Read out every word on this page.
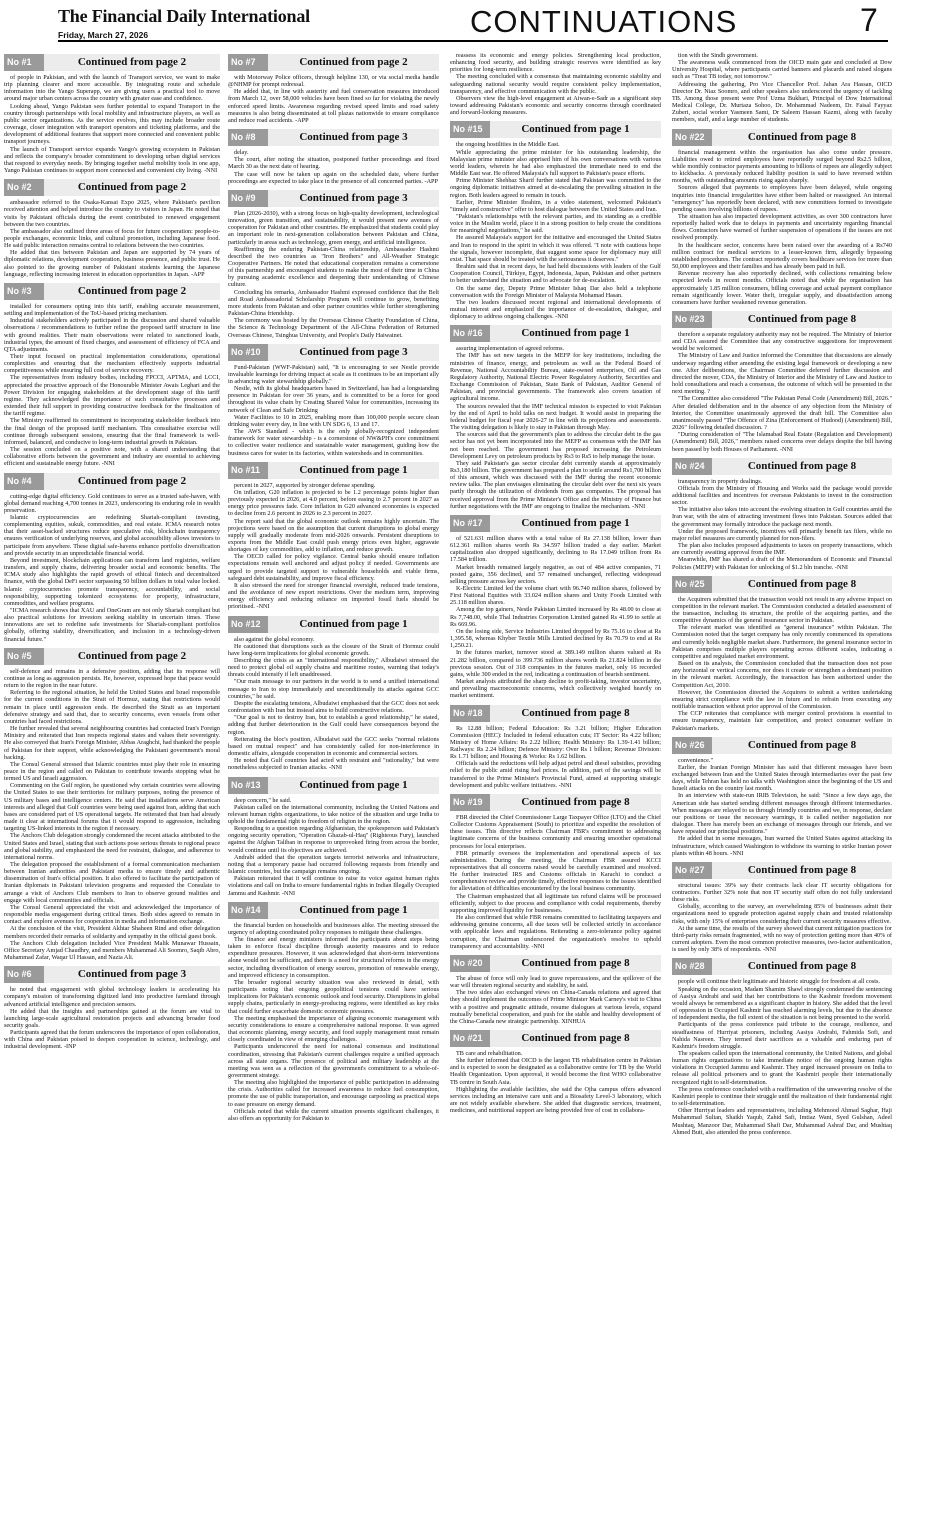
The Financial Daily International
Friday, March 27, 2026	CONTINUATIONS	7
No #1	Continued from page 2

of people in Pakistan, and with the launch of Transport service, we want to make trip planning clearer and more accessible. By integrating route and schedule information into the Yango Superapp, we are giving users a practical tool to move around major urban centers across the country with greater ease and confidence.

Looking ahead, Yango Pakistan sees further potential to expand Transport in the country through partnerships with local mobility and infrastructure players, as well as public sector organizations. As the service evolves, this may include broader route coverage, closer integration with transport operators and ticketing platforms, and the development of additional features that support more connected and convenient public transport journeys.

The launch of Transport service expands Yango's growing ecosystem in Pakistan and reflects the company's broader commitment to developing urban digital services that respond to everyday needs. By bringing together useful mobility tools in one app, Yango Pakistan continues to support more connected and convenient city living. -NNI

No #2	Continued from page 2

ambassador referred to the Osaka-Kansai Expo 2025, where Pakistan's pavilion received attention and helped introduce the country to visitors in Japan. He noted that visits by Pakistani officials during the event contributed to renewed engagement between the two countries.

The ambassador also outlined three areas of focus for future cooperation: people-to-people exchanges, economic links, and cultural promotion, including Japanese food. He said public interaction remains central to relations between the two countries.

He added that ties between Pakistan and Japan are supported by 74 years of diplomatic relations, development cooperation, business presence, and public trust. He also pointed to the growing number of Pakistani students learning the Japanese language, reflecting increasing interest in education opportunities in Japan. -APP

No #3	Continued from page 2

installed for consumers opting into this tariff, enabling accurate measurement, settling and implementation of the ToU-based pricing mechanism.

Industrial stakeholders actively participated in the discussion and shared valuable observations / recommendations to further refine the proposed tariff structure in line with ground realities. Their main observations were related to sanctioned loads, industrial types, the amount of fixed charges, and assessment of efficiency of FCA and QTA adjustments.

Their input focused on practical implementation considerations, operational complexities and ensuring that the mechanism effectively supports industrial competitiveness while ensuring full cost of service recovery.

The representatives from industry bodies, including FPCCI, APTMA, and LCCI, appreciated the proactive approach of the Honourable Minister Awais Leghari and the Power Division for engaging stakeholders at the development stage of this tariff regime. They acknowledged the importance of such consultative processes and extended their full support in providing constructive feedback for the finalization of the tariff regime.

The Ministry reaffirmed its commitment to incorporating stakeholder feedback into the final design of the proposed tariff mechanism. This consultative exercise will continue through subsequent sessions, ensuring that the final framework is well-informed, balanced, and conducive to long-term industrial growth in Pakistan.

The session concluded on a positive note, with a shared understanding that collaborative efforts between the government and industry are essential to achieving efficient and sustainable energy future. -NNI

No #4	Continued from page 2

cutting-edge digital efficiency. Gold continues to serve as a trusted safe-haven, with global demand reaching 4,700 tonnes in 2023, underscoring its enduring role in wealth preservation.

Islamic cryptocurrencies are redefining Shariah-compliant investing, complementing equities, sukuk, commodities, and real estate. ICMA research notes that their asset-backed structures reduce speculative risk, blockchain transparency ensures verification of underlying reserves, and global accessibility allows investors to participate from anywhere. These digital safe-havens enhance portfolio diversification and provide security in an unpredictable financial world.

Beyond investment, blockchain applications can transform land registries, welfare transfers, and supply chains, delivering broader social and economic benefits. The ICMA study also highlights the rapid growth of ethical fintech and decentralized finance, with the global DeFi sector surpassing 50 billion dollars in total value locked. Islamic cryptocurrencies promote transparency, accountability, and social responsibility, supporting tokenized ecosystems for property, infrastructure, commodities, and welfare programs.

"ICMA research shows that XAU and OneGram are not only Shariah compliant but also practical solutions for investors seeking stability in uncertain times. These innovations are set to redefine safe investments for Shariah-compliant portfolios globally, offering stability, diversification, and inclusion in a technology-driven financial future."

No #5	Continued from page 2

self-defence and remains in a defensive position, adding that its response will continue as long as aggression persists. He, however, expressed hope that peace would return to the region in the near future.

Referring to the regional situation, he held the United States and Israel responsible for the current conditions in the Strait of Hormuz, stating that restrictions would remain in place until aggression ends. He described the Strait as an important defensive strategy and said that, due to security concerns, even vessels from other countries had faced restrictions.

He further revealed that several neighbouring countries had contacted Iran's Foreign Ministry and reiterated that Iran respects regional states and values their sovereignty. He also conveyed that Iran's Foreign Minister, Abbas Araghchi, had thanked the people of Pakistan for their support, while acknowledging the Pakistani government's moral backing.

The Consul General stressed that Islamic countries must play their role in ensuring peace in the region and called on Pakistan to contribute towards stopping what he termed US and Israeli aggression.

Commenting on the Gulf region, he questioned why certain countries were allowing the United States to use their territories for military purposes, noting the presence of US military bases and intelligence centers. He said that installations serve American interests and alleged that Gulf countries were being used against Iran, adding that such bases are considered part of US operational targets. He reiterated that Iran had already made it clear at international forums that it would respond to aggression, including targeting US-linked interests in the region if necessary.

The Anchors Club delegation strongly condemned the recent attacks attributed to the United States and Israel, stating that such actions pose serious threats to regional peace and global stability, and emphasized the need for restraint, dialogue, and adherence to international norms.

The delegation proposed the establishment of a formal communication mechanism between Iranian authorities and Pakistani media to ensure timely and authentic dissemination of Iran's official position. It also offered to facilitate the participation of Iranian diplomats in Pakistani television programs and requested the Consulate to arrange a visit of Anchors Club members to Iran to observe ground realities and engage with local communities and officials.

The Consul General appreciated the visit and acknowledged the importance of responsible media engagement during critical times. Both sides agreed to remain in contact and explore avenues for cooperation in media and information exchange.

At the conclusion of the visit, President Akhtar Shaheen Rind and other delegation members recorded their remarks of solidarity and sympathy in the official guest book.

The Anchors Club delegation included Vice President Malik Munawar Hussain, Office Secretary Amjad Chaudhry, and members Muhammad Ali Soomro, Saqib Abro, Muhammad Zafar, Waqar Ul Hassan, and Nazia Ali.

No #6	Continued from page 3

he noted that engagement with global technology leaders is accelerating his company's mission of transforming digitized land into productive farmland through advanced artificial intelligence and precision sensors.

He added that the insights and partnerships gained at the forum are vital to launching large-scale agricultural restoration projects and advancing broader food security goals.

Participants agreed that the forum underscores the importance of open collaboration, with China and Pakistan poised to deepen cooperation in science, technology, and industrial development. -INP

No #7	Continued from page 2

with Motorway Police officers, through helpline 130, or via social media handle @NHMP for prompt redressal.

He added that, in line with austerity and fuel conservation measures introduced from March 12, over 58,000 vehicles have been fined so far for violating the newly enforced speed limits. Awareness regarding revised speed limits and road safety measures is also being disseminated at toll plazas nationwide to ensure compliance and reduce road accidents. -APP

No #8	Continued from page 3

delay.

The court, after noting the situation, postponed further proceedings and fixed March 30 as the next date of hearing.

The case will now be taken up again on the scheduled date, where further proceedings are expected to take place in the presence of all concerned parties. -APP

No #9	Continued from page 3

Plan (2026-2030), with a strong focus on high-quality development, technological innovation, green transition, and sustainability, it would present new avenues of cooperation for Pakistan and other countries. He emphasized that students could play an important role in next-generation collaboration between Pakistan and China, particularly in areas such as technology, green energy, and artificial intelligence.

Reaffirming the enduring Pakistan-China relationship, Ambassador Hashmi described the two countries as "Iron Brothers" and All-Weather Strategic Cooperative Partners. He noted that educational cooperation remains a cornerstone of this partnership and encouraged students to make the most of their time in China by pursuing academic excellence and deepening their understanding of Chinese culture.

Concluding his remarks, Ambassador Hashmi expressed confidence that the Belt and Road Ambassadorial Scholarship Program will continue to grow, benefiting more students from Pakistan and other partner countries while further strengthening Pakistan-China friendship.

The ceremony was hosted by the Overseas Chinese Charity Foundation of China, the Science & Technology Department of the All-China Federation of Returned Overseas Chinese, Tsinghua University, and People's Daily Haiwainet.

No #10	Continued from page 3

Fund-Pakistan (WWF-Pakistan) said, "It is encouraging to see Nestle provide invaluable learnings for driving impact at scale as it continues to be an important ally in advancing water stewardship globally."

Nestle, with its global headquarters based in Switzerland, has had a longstanding presence in Pakistan for over 36 years, and is committed to be a force for good throughout its value chain by Creating Shared Value for communities, increasing its network of Clean and Safe Drinking

Water Facilities to 10 in 2025, enabling more than 100,000 people secure clean drinking water every day, in line with UN SDG 6, 13 and 17.

The AWS Standard - which is the only globally-recognized independent framework for water stewardship - is a cornerstone of NW&PH's core commitment to collective water resilience and sustainable water management, guiding how the business cares for water in its factories, within watersheds and in communities.

No #11	Continued from page 1

percent in 2027, supported by stronger defense spending.

On inflation, G20 inflation is projected to be 1.2 percentage points higher than previously expected in 2026, at 4.0 percent, before easing to 2.7 percent in 2027 as energy price pressures fade. Core inflation in G20 advanced economies is expected to decline from 2.6 percent in 2026 to 2.3 percent in 2027.

The report said that the global economic outlook remains highly uncertain. The projections were based on the assumption that current disruptions to global energy supply will gradually moderate from mid-2026 onwards. Persistent disruptions to exports from the Middle East could push energy prices even higher, aggravate shortages of key commodities, add to inflation, and reduce growth.

The OECD called for policy vigilance. Central banks should ensure inflation expectations remain well anchored and adjust policy if needed. Governments are urged to provide targeted support to vulnerable households and viable firms, safeguard debt sustainability, and improve fiscal efficiency.

It also stressed the need for stronger financial oversight, reduced trade tensions, and the avoidance of new export restrictions. Over the medium term, improving energy efficiency and reducing reliance on imported fossil fuels should be prioritised. -NNI

No #12	Continued from page 1

also against the global economy.

He cautioned that disruptions such as the closure of the Strait of Hormuz could have long-term implications for global economic growth.

Describing the crisis as an "international responsibility," Albudaiwi stressed the need to protect global oil supply chains and maritime routes, warning that today's threats could intensify if left unaddressed.

"Our main message to our partners in the world is to send a unified international message to Iran to stop immediately and unconditionally its attacks against GCC countries," he said.

Despite the escalating tensions, Albudaiwi emphasised that the GCC does not seek confrontation with Iran but instead aims to build constructive relations.

"Our goal is not to destroy Iran, but to establish a good relationship," he stated, adding that further deterioration in the Gulf could have consequences beyond the region.

Reiterating the bloc's position, Albudaiwi said the GCC seeks "normal relations based on mutual respect" and has consistently called for non-interference in domestic affairs, alongside cooperation in economic and commercial sectors.

He noted that Gulf countries had acted with restraint and "rationality," but were nonetheless subjected to Iranian attacks. -NNI

No #13	Continued from page 1

deep concern," he said.

Pakistan called on the international community, including the United Nations and relevant human rights organizations, to take notice of the situation and urge India to uphold the fundamental right to freedom of religion in the region.

Responding to a question regarding Afghanistan, the spokesperson said Pakistan's ongoing security operation, "Operation Ghazab-ul-Haq" (Righteous Fury), launched against the Afghan Taliban in response to unprovoked firing from across the border, would continue until its objectives are achieved.

Andrabi added that the operation targets terrorist networks and infrastructure, noting that a temporary pause had occurred following requests from friendly and Islamic countries, but the campaign remains ongoing.

Pakistan reiterated that it will continue to raise its voice against human rights violations and call on India to ensure fundamental rights in Indian Illegally Occupied Jammu and Kashmir. -NNI

No #14	Continued from page 1

the financial burden on households and businesses alike. The meeting stressed the urgency of adopting coordinated policy responses to mitigate these challenges.

The finance and energy ministers informed the participants about steps being taken to enforce fiscal discipline through austerity measures and to reduce expenditure pressures. However, it was acknowledged that short-term interventions alone would not be sufficient, and there is a need for structural reforms in the energy sector, including diversification of energy sources, promotion of renewable energy, and improved efficiency in consumption.

The broader regional security situation was also reviewed in detail, with participants noting that ongoing geopolitical tensions could have serious implications for Pakistan's economic outlook and food security. Disruptions in global supply chains, particularly in energy-producing regions, were identified as key risks that could further exacerbate domestic economic pressures.

The meeting emphasised the importance of aligning economic management with security considerations to ensure a comprehensive national response. It was agreed that economic planning, energy security, and food supply management must remain closely coordinated in view of emerging challenges.

Participants underscored the need for national consensus and institutional coordination, stressing that Pakistan's current challenges require a unified approach across all state organs. The presence of political and military leadership at the meeting was seen as a reflection of the government's commitment to a whole-of-government strategy.

The meeting also highlighted the importance of public participation in addressing the crisis. Authorities called for increased awareness to reduce fuel consumption, promote the use of public transportation, and encourage carpooling as practical steps to ease pressure on energy demand.

Officials noted that while the current situation presents significant challenges, it also offers an opportunity for Pakistan to

reassess its economic and energy policies. Strengthening local production, enhancing food security, and building strategic reserves were identified as key priorities for long-term resilience.

The meeting concluded with a consensus that maintaining economic stability and safeguarding national security would require consistent policy implementation, transparency, and effective communication with the public.

Observers view the high-level engagement at Aiwan-e-Sadr as a significant step toward addressing Pakistan's economic and security concerns through coordinated and forward-looking measures.

No #15	Continued from page 1

the ongoing hostilities in the Middle East.

While appreciating the prime minister for his outstanding leadership, the Malaysian prime minister also apprised him of his own conversations with various world leaders, wherein he had also emphasized the immediate need to end the Middle East war. He offered Malaysia's full support to Pakistan's peace efforts.

Prime Minister Shehbaz Sharif further stated that Pakistan was committed to the ongoing diplomatic initiatives aimed at de-escalating the prevailing situation in the region. Both leaders agreed to remain in touch.

Earlier, Prime Minister Ibrahim, in a video statement, welcomed Pakistan's "timely and constructive" offer to host dialogue between the United States and Iran.

"Pakistan's relationships with the relevant parties, and its standing as a credible voice in the Muslim world, place it in a strong position to help create the conditions for meaningful negotiations," he said.

He assured Malaysia's support for the initiative and encouraged the United States and Iran to respond in the spirit in which it was offered. "I note with cautious hope the signals, however incomplete, that suggest some space for diplomacy may still exist. That space should be treated with the seriousness it deserves."

Ibrahim said that in recent days, he had held discussions with leaders of the Gulf Cooperation Council, Türkiye, Egypt, Indonesia, Japan, Pakistan and other partners to better understand the situation and to advocate for de-escalation.

On the same day, Deputy Prime Minister Ishaq Dar also held a telephone conversation with the Foreign Minister of Malaysia Mohamad Hasan.

The two leaders discussed recent regional and international developments of mutual interest and emphasized the importance of de-escalation, dialogue, and diplomacy to address ongoing challenges. -NNI

No #16	Continued from page 1

assuring implementation of agreed reforms.

The IMF has set new targets in the MEFP for key institutions, including the ministries of finance, energy, and petroleum as well as the Federal Board of Revenue, National Accountability Bureau, state-owned enterprises, Oil and Gas Regulatory Authority, National Electric Power Regulatory Authority, Securities and Exchange Commission of Pakistan, State Bank of Pakistan, Auditor General of Pakistan, and provincial governments. The framework also covers taxation of agricultural income.

The sources revealed that the IMF technical mission is expected to visit Pakistan by the end of April to hold talks on next budget. It would assist in preparing the federal budget for fiscal year 2026-27 in line with its projections and assessments. The visiting delegation is likely to stay in Pakistan through May.

The sources said that the government's plan to address the circular debt in the gas sector has not yet been incorporated into the MEFP as consensus with the IMF has not been reached. The government has proposed increasing the Petroleum Development Levy on petroleum products by Rs3 to Rs5 to help manage the issue.

They said Pakistan's gas sector circular debt currently stands at approximately Rs3,180 billion. The government has prepared a plan to settle around Rs1,700 billion of this amount, which was discussed with the IMF during the recent economic review talks. The plan envisages eliminating the circular debt over the next six years partly through the utilization of dividends from gas companies. The proposal has received approval from the Prime Minister's Office and the Ministry of Finance but further negotiations with the IMF are ongoing to finalize the mechanism. -NNI

No #17	Continued from page 1

of 521.631 million shares with a total value of Rs 27.138 billion, lower than 612.361 million shares worth Rs 34.597 billion traded a day earlier. Market capitalization also dropped significantly, declining to Rs 17.049 trillion from Rs 17.584 trillion.

Market breadth remained largely negative, as out of 484 active companies, 71 posted gains, 356 declined, and 57 remained unchanged, reflecting widespread selling pressure across key sectors.

K-Electric Limited led the volume chart with 96.740 million shares, followed by First National Equities with 33.024 million shares and Unity Foods Limited with 25.118 million shares.

Among the top gainers, Nestle Pakistan Limited increased by Rs 48.00 to close at Rs 7,748.00, while Thal Industries Corporation Limited gained Rs 41.99 to settle at Rs 669.96.

On the losing side, Service Industries Limited dropped by Rs 75.16 to close at Rs 1,395.58, whereas Khyber Textile Mills Limited declined by Rs 70.79 to end at Rs 1,250.21.

In the futures market, turnover stood at 389.149 million shares valued at Rs 21.282 billion, compared to 399.736 million shares worth Rs 21.824 billion in the previous session. Out of 318 companies in the futures market, only 16 recorded gains, while 300 ended in the red, indicating a continuation of bearish sentiment.

Market analysts attributed the sharp decline to profit-taking, investor uncertainty, and prevailing macroeconomic concerns, which collectively weighed heavily on market sentiment.

No #18	Continued from page 8

Rs 12.88 billion; Federal Education: Rs 3.21 billion; Higher Education Commission (HEC): Included in federal education cuts; IT Sector: Rs 4.22 billion; Ministry of Home Affairs: Rs 2.22 billion; Health Ministry: Rs 1.39-1.41 billion; Railways: Rs 2.24 billion; Defence Ministry: Over Rs 1 billion; Revenue Division: Rs 1.71 billion; and Housing & Works: Rs 1.62 billion.

Officials said the reductions will help adjust petrol and diesel subsidies, providing relief to the public amid rising fuel prices. In addition, part of the savings will be transferred to the Prime Minister's Provincial Fund, aimed at supporting strategic development and public welfare initiatives. -NNI

No #19	Continued from page 8

FBR directed the Chief Commissioner Large Taxpayer Office (LTO) and the Chief Collector Customs Appraisement (South) to prioritize and expedite the resolution of these issues. This directive reflects Chairman FBR's commitment to addressing legitimate concerns of the business community and ensuring smoother operational processes for local enterprises.

FBR primarily oversees the implementation and operational aspects of tax administration. During the meeting, the Chairman FBR assured KCCI representatives that all concerns raised would be carefully examined and resolved. He further instructed IRS and Customs officials in Karachi to conduct a comprehensive review and provide timely, effective responses to the issues identified for alleviation of difficulties encountered by the local business community.

The Chairman emphasized that all legitimate tax refund claims will be processed efficiently, subject to due process and compliance with codal requirements, thereby supporting improved liquidity for businesses.

He also confirmed that while FBR remains committed to facilitating taxpayers and addressing genuine concerns, all due taxes will be collected strictly in accordance with applicable laws and regulations. Reiterating a zero-tolerance policy against corruption, the Chairman underscored the organization's resolve to uphold transparency and accountability. -NNI

No #20	Continued from page 8

The abuse of force will only lead to grave repercussions, and the spillover of the war will threaten regional security and stability, he said.

The two sides also exchanged views on China-Canada relations and agreed that they should implement the outcomes of Prime Minister Mark Carney's visit to China with a positive and pragmatic attitude, resume dialogues at various levels, expand mutually beneficial cooperation, and push for the stable and healthy development of the China-Canada new strategic partnership. XINHUA

No #21	Continued from page 8

TB care and rehabilitation.

She further informed that OICD is the largest TB rehabilitation centre in Pakistan and is expected to soon be designated as a collaborative centre for TB by the World Health Organization. Upon approval, it would become the first WHO collaborative TB centre in South Asia.

Highlighting the available facilities, she said the Ojha campus offers advanced services including an intensive care unit and a Biosafety Level-3 laboratory, which are not widely available elsewhere. She added that diagnostic services, treatment, medicines, and nutritional support are being provided free of cost in collabora-

tion with the Sindh government.

The awareness walk commenced from the OICD main gate and concluded at Dow University Hospital, where participants carried banners and placards and raised slogans such as "Treat TB today, not tomorrow."

Addressing the gathering, Pro Vice Chancellor Prof. Jahan Ara Hassan, OICD Director Dr. Niaz Soomro, and other speakers also underscored the urgency of tackling TB. Among those present were Prof Uzma Bukhari, Principal of Dow International Medical College, Dr. Murtaza Sohoo, Dr. Mohammad Nadeem, Dr. Faisal Fayyaz Zuberi, social worker Yasmeen Sami, Dr Saleem Hassan Kazmi, along with faculty members, staff, and a large number of students.

No #22	Continued from page 8

financial management within the organisation has also come under pressure. Liabilities owed to retired employees have reportedly surged beyond Rs2.5 billion, while monthly contractor payments amounting to billions of rupees are allegedly subject to kickbacks. A previously reduced liability position is said to have reversed within months, with outstanding amounts rising again sharply.

Sources alleged that payments to employees have been delayed, while ongoing inquiries into financial irregularities have either been halted or reassigned. An internal "emergency" has reportedly been declared, with new committees formed to investigate pending cases involving billions of rupees.

The situation has also impacted development activities, as over 300 contractors have reportedly halted work due to delays in payments and uncertainty regarding financial flows. Contractors have warned of further suspension of operations if the issues are not resolved promptly.

In the healthcare sector, concerns have been raised over the awarding of a Rs740 million contract for medical services to a lesser-known firm, allegedly bypassing established procedures. The contract reportedly covers healthcare services for more than 50,000 employees and their families and has already been paid in full.

Revenue recovery has also reportedly declined, with collections remaining below expected levels in recent months. Officials noted that while the organisation has approximately 1.85 million consumers, billing coverage and actual payment compliance remain significantly lower. Water theft, irregular supply, and dissatisfaction among consumers have further weakened revenue generation.

No #23	Continued from page 8

therefore a separate regulatory authority may not be required. The Ministry of Interior and CDA assured the Committee that any constructive suggestions for improvement would be welcomed.

The Ministry of Law and Justice informed the Committee that discussions are already underway regarding either amending the existing legal framework or developing a new one. After deliberations, the Chairman Committee deferred further discussion and directed the mover, CDA, the Ministry of Interior and the Ministry of Law and Justice to hold consultations and reach a consensus, the outcome of which will be presented in the next meeting. ?

"The Committee also considered "The Pakistan Penal Code (Amendment) Bill, 2026." After detailed deliberation and in the absence of any objection from the Ministry of Interior, the Committee unanimously approved the draft bill. The Committee also unanimously passed "The Offence of Zina (Enforcement of Hudood) (Amendment) Bill, 2026" following detailed discussion. ?

"During consideration of "The Islamabad Real Estate (Regulation and Development) (Amendment) Bill, 2026," members raised concerns over delays despite the bill having been passed by both Houses of Parliament. -NNI

No #24	Continued from page 8

transparency in property dealings.

Officials from the Ministry of Housing and Works said the package would provide additional facilities and incentives for overseas Pakistanis to invest in the construction sector.

The initiative also takes into account the evolving situation in Gulf countries amid the Iran war, with the aim of attracting investment flows into Pakistan. Sources added that the government may formally introduce the package next month.

Under the proposed framework, incentives will primarily benefit tax filers, while no major relief measures are currently planned for non-filers.

The plan also includes proposed adjustments to taxes on property transactions, which are currently awaiting approval from the IMF.

Meanwhile, IMF has shared a draft of the Memorandum of Economic and Financial Policies (MEFP) with Pakistan for unlocking of $1.2 bln tranche. -NNI

No #25	Continued from page 8

the Acquirers submitted that the transaction would not result in any adverse impact on competition in the relevant market. The Commission conducted a detailed assessment of the transaction, including its structure, the profile of the acquiring parties, and the competitive dynamics of the general insurance sector in Pakistan.

The relevant market was identified as "general insurance" within Pakistan. The Commission noted that the target company has only recently commenced its operations and currently holds negligible market share. Furthermore, the general insurance sector in Pakistan comprises multiple players operating across different scales, indicating a competitive and regulated market environment.

Based on its analysis, the Commission concluded that the transaction does not pose any horizontal or vertical concerns, nor does it create or strengthen a dominant position in the relevant market. Accordingly, the transaction has been authorized under the Competition Act, 2010.

However, the Commission directed the Acquirers to submit a written undertaking ensuring strict compliance with the law in future and to refrain from executing any notifiable transaction without prior approval of the Commission.

The CCP reiterates that compliance with merger control provisions is essential to ensure transparency, maintain fair competition, and protect consumer welfare in Pakistan's markets.

No #26	Continued from page 8

convenience."

Earlier, the Iranian Foreign Minister has said that different messages have been exchanged between Iran and the United States through intermediaries over the past few days, while Tehran has held no talks with Washington since the beginning of the US and Israeli attacks on the country last month.

In an interview with state-run IRIB Television, he said: "Since a few days ago, the American side has started sending different messages through different intermediaries. When messages are relayed to us through friendly countries and we, in response, declare our positions or issue the necessary warnings, it is called neither negotiation nor dialogue. There has merely been an exchange of messages through our friends, and we have repeated our principal positions."

He added that in some messages, Iran warned the United States against attacking its infrastructure, which caused Washington to withdraw its warning to strike Iranian power plants within 48 hours. -NNI

No #27	Continued from page 8

structural issues: 39% say their contracts lack clear IT security obligations for contractors. Further 32% note that non IT security staff often do not fully understand these risks.

Globally, according to the survey, an overwhelming 85% of businesses admit their organizations need to upgrade protection against supply chain and trusted relationship risks, with only 15% of enterprises considering their current security measures effective.

At the same time, the results of the survey showed that current mitigation practices for third-party risks remain fragmented, with no way of protection getting more than 40% of current adopters. Even the most common protective measures, two-factor authentication, is used by only 38% of respondents. -NNI

No #28	Continued from page 8

people will continue their legitimate and historic struggle for freedom at all costs.

Speaking on the occasion, Madam Shamim Shawl strongly condemned the sentencing of Aasiya Andrabi and said that her contributions to the Kashmir freedom movement would always be remembered as a significant chapter in history. She added that the level of oppression in Occupied Kashmir has reached alarming levels, but due to the absence of independent media, the full extent of the situation is not being presented to the world.

Participants of the press conference paid tribute to the courage, resilience, and steadfastness of Hurriyat prisoners, including Aasiya Andrabi, Fahmida Sofi, and Nahida Nasreen. They termed their sacrifices as a valuable and enduring part of Kashmir's freedom struggle.

The speakers called upon the international community, the United Nations, and global human rights organizations to take immediate notice of the ongoing human rights violations in Occupied Jammu and Kashmir. They urged increased pressure on India to release all political prisoners and to grant the Kashmiri people their internationally recognized right to self-determination.

The press conference concluded with a reaffirmation of the unwavering resolve of the Kashmiri people to continue their struggle until the realization of their fundamental right to self-determination.

Other Hurriyat leaders and representatives, including Mehmood Ahmad Saghar, Haji Muhammad Sultan, Shaikh Yaqub, Zahid Safi, Imtiaz Wani, Syed Gulshan, Adeel Mushtaq, Manzoor Dar, Muhammad Shafi Dar, Muhammad Ashraf Dar, and Mushtaq Ahmed Butt, also attended the press conference.
